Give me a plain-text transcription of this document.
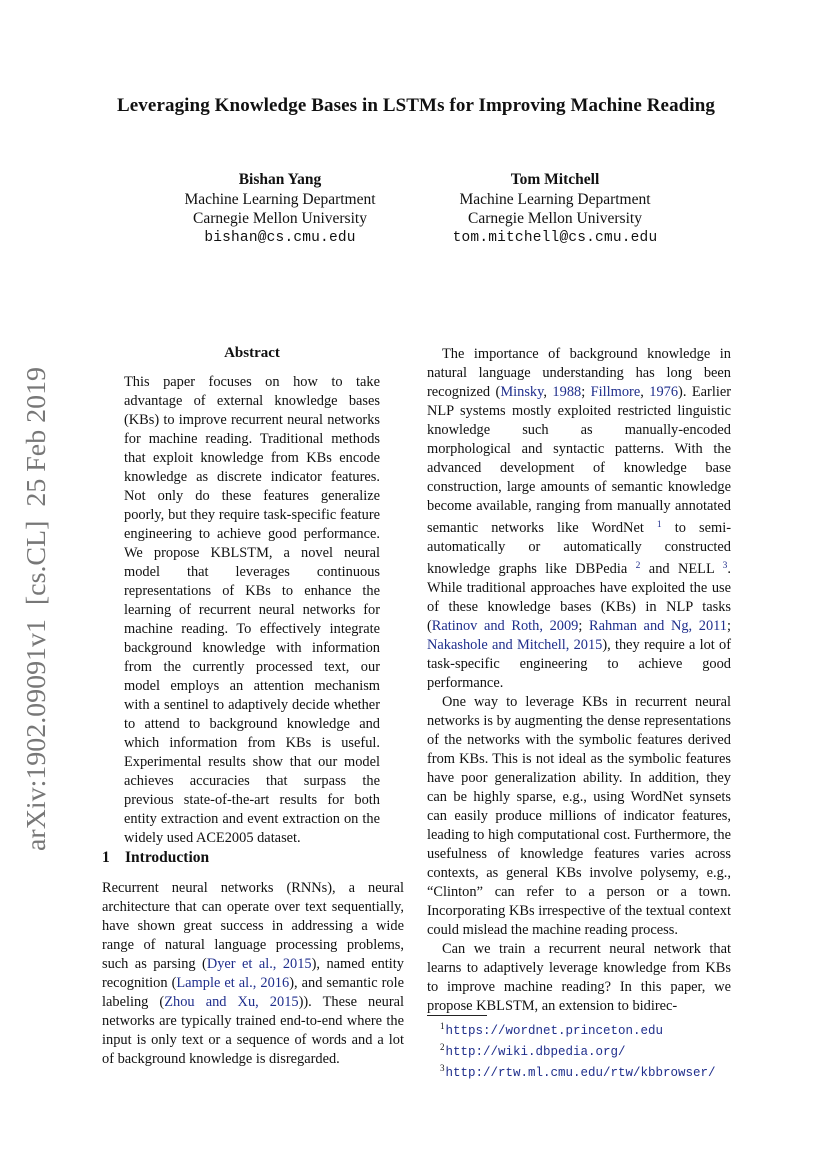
Leveraging Knowledge Bases in LSTMs for Improving Machine Reading
Bishan Yang
Machine Learning Department
Carnegie Mellon University
bishan@cs.cmu.edu
Tom Mitchell
Machine Learning Department
Carnegie Mellon University
tom.mitchell@cs.cmu.edu
arXiv:1902.09091v1  [cs.CL]  25 Feb 2019
Abstract

This paper focuses on how to take advantage of external knowledge bases (KBs) to improve recurrent neural networks for machine reading. Traditional methods that exploit knowledge from KBs encode knowledge as discrete indicator features. Not only do these features generalize poorly, but they require task-specific feature engineering to achieve good performance. We propose KBLSTM, a novel neural model that leverages continuous representations of KBs to enhance the learning of recurrent neural networks for machine reading. To effectively integrate background knowledge with information from the currently processed text, our model employs an attention mechanism with a sentinel to adaptively decide whether to attend to background knowledge and which information from KBs is useful. Experimental results show that our model achieves accuracies that surpass the previous state-of-the-art results for both entity extraction and event extraction on the widely used ACE2005 dataset.

1 Introduction

Recurrent neural networks (RNNs), a neural architecture that can operate over text sequentially, have shown great success in addressing a wide range of natural language processing problems, such as parsing (Dyer et al., 2015), named entity recognition (Lample et al., 2016), and semantic role labeling (Zhou and Xu, 2015)). These neural networks are typically trained end-to-end where the input is only text or a sequence of words and a lot of background knowledge is disregarded.

The importance of background knowledge in natural language understanding has long been recognized (Minsky, 1988; Fillmore, 1976). Earlier NLP systems mostly exploited restricted linguistic knowledge such as manually-encoded morphological and syntactic patterns. With the advanced development of knowledge base construction, large amounts of semantic knowledge become available, ranging from manually annotated semantic networks like WordNet $^1$ to semi-automatically or automatically constructed knowledge graphs like DBPedia $^2$ and NELL $^3$. While traditional approaches have exploited the use of these knowledge bases (KBs) in NLP tasks (Ratinov and Roth, 2009; Rahman and Ng, 2011; Nakashole and Mitchell, 2015), they require a lot of task-specific engineering to achieve good performance.

One way to leverage KBs in recurrent neural networks is by augmenting the dense representations of the networks with the symbolic features derived from KBs. This is not ideal as the symbolic features have poor generalization ability. In addition, they can be highly sparse, e.g., using WordNet synsets can easily produce millions of indicator features, leading to high computational cost. Furthermore, the usefulness of knowledge features varies across contexts, as general KBs involve polysemy, e.g., “Clinton” can refer to a person or a town. Incorporating KBs irrespective of the textual context could mislead the machine reading process.

Can we train a recurrent neural network that learns to adaptively leverage knowledge from KBs to improve machine reading? In this paper, we propose KBLSTM, an extension to bidirec-

$^1$https://wordnet.princeton.edu
$^2$http://wiki.dbpedia.org/
$^3$http://rtw.ml.cmu.edu/rtw/kbbrowser/
